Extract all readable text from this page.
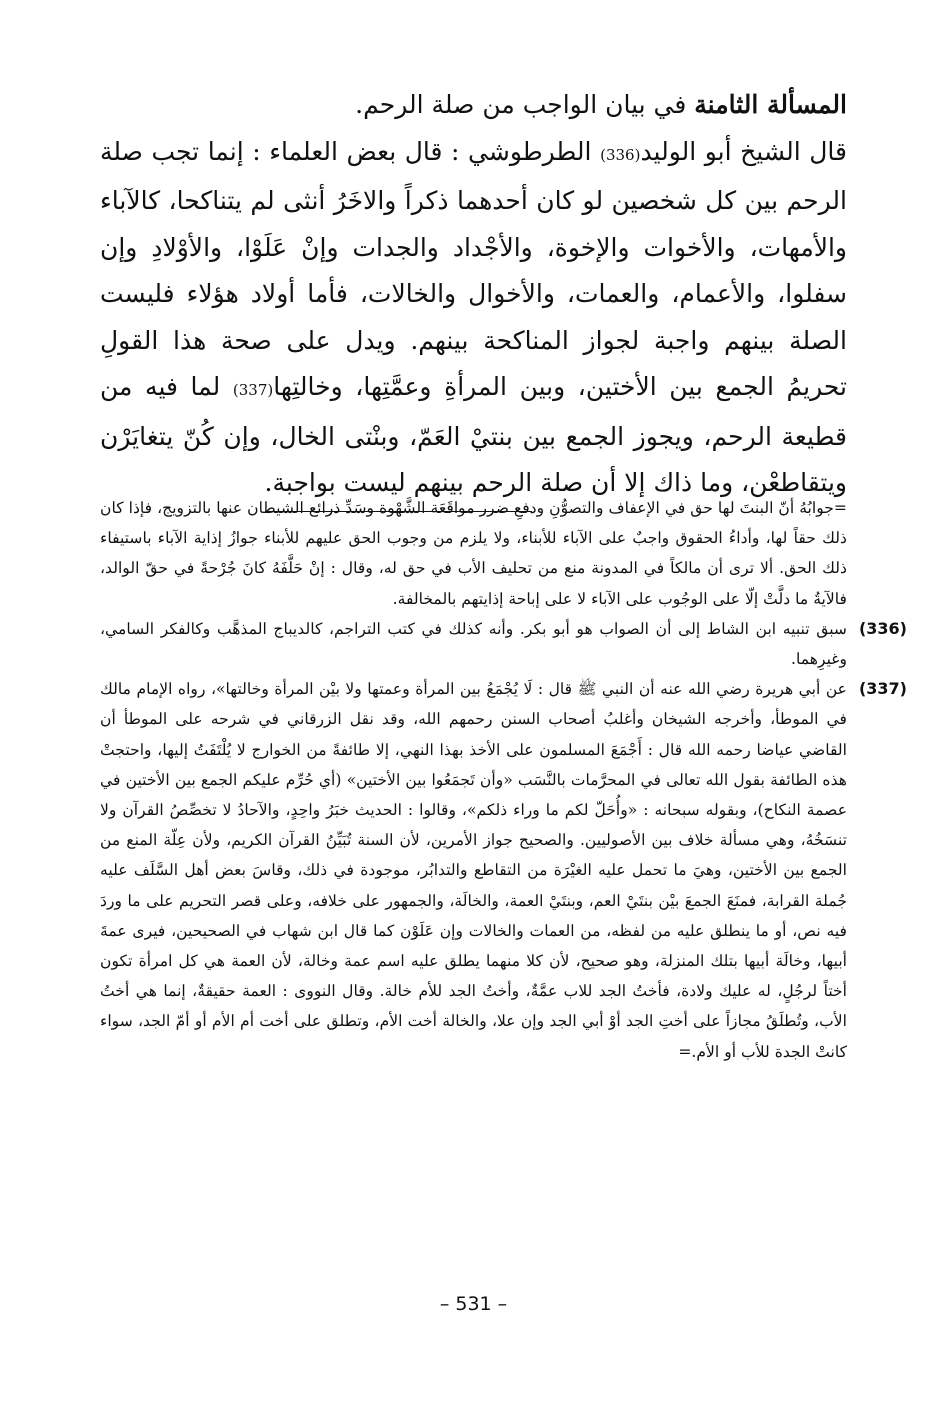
المسألة الثامنة في بيان الواجب من صلة الرحم.

قال الشيخ أبو الوليد(336) الطرطوشي : قال بعض العلماء : إنما تجب صلة الرحم بين كل شخصين لو كان أحدهما ذكراً والاخَرُ أنثى لم يتناكحا، كالآباء والأمهات، والأخوات والإخوة، والأجْداد والجدات وإنْ عَلَوْا، والأوْلادِ وإن سفلوا، والأعمام، والعمات، والأخوال والخالات، فأما أولاد هؤلاء فليست الصلة بينهم واجبة لجواز المناكحة بينهم. ويدل على صحة هذا القولِ تحريمُ الجمع بين الأختين، وبين المرأةِ وعمَّتِها، وخالتِها(337) لما فيه من قطيعة الرحم، ويجوز الجمع بين بنتيْ العَمّ، وبنْتى الخال، وإن كُنّ يتغايَرْن ويتقاطعْن، وما ذاك إلا أن صلة الرحم بينهم ليست بواجبة.

=جوابُهُ أنّ البنتَ لها حق في الإعفاف والتصوُّنِ ودفعِ ضرر مواقَعَة الشَّهْوة وسَدِّ ذرائع الشيطان عنها بالتزويج، فإذا كان ذلك حقاً لها، وأداءُ الحقوق واجبٌ على الآباء للأبناء، ولا يلزم من وجوب الحق عليهم للأبناء جوازُ إذاية الآباء باستيفاء ذلك الحق. ألا ترى أن مالكاً في المدونة منع من تحليف الأب في حق له، وقال : إنْ حَلَّفَهُ كانَ جُرْحةً في حقّ الوالد، فالآيةُ ما دلَّتْ إلّا على الوجُوب على الآباء لا على إباحة إذايتهم بالمخالفة.

(336)
سبق تنبيه ابن الشاط إلى أن الصواب هو أبو بكر. وأنه كذلك في كتب التراجم، كالديباج المذهَّب وكالفكر السامي، وغيرِهما.
(337)
عن أبي هريرة رضي الله عنه أن النبي ﷺ قال : لَا يُجْمَعُ بين المرأة وعمتها ولا بيْن المرأة وخالتها»، رواه الإمام مالك في الموطأ، وأخرجه الشيخان وأغلبُ أصحاب السنن رحمهم الله، وقد نقل الزرقاني في شرحه على الموطأ أن القاضي عياضا رحمه الله قال : أَجْمَعَ المسلمون على الأخذ بهذا النهي، إلا طائفةً من الخوارج لا يُلْتَفَتُ إليها، واحتجتْ هذه الطائفة بقول الله تعالى في المحرَّمات بالنَّسَب «وأن تَجمَعُوا بين الأختين» (أي حُرِّم عليكم الجمع بين الأختين في عصمة النكاح)، وبقوله سبحانه : «وأُحَلّ لكم ما وراء ذلكم»، وقالوا : الحديث خبَرُ واحِدٍ، والآحادُ لا تخصِّصُ القرآن ولا تنسَخُهُ، وهي مسألة خلاف بين الأصوليين. والصحيح جواز الأمرين، لأن السنة تُبَيِّنُ القرآن الكريم، ولأن عِلّة المنع من الجمع بين الأختين، وهيَ ما تحمل عليه الغيْرَة من التقاطع والتدابُر، موجودة في ذلك، وقاسَ بعض أهل السَّلَف عليه جُملة القرابة، فمنَعَ الجمعَ بيْن بنتَيْ العم، وبنتَيْ العمة، والخالَة، والجمهور على خلافه، وعلى قصر التحريم على ما وردَ فيه نص، أو ما ينطلق عليه من لفظه، من العمات والخالات وإن عَلَوْن كما قال ابن شهاب في الصحيحين، فيرى عمةَ أبيها، وخالَة أبيها بتلك المنزلة، وهو صحيح، لأن كلا منهما يطلق عليه اسم عمة وخالة، لأن العمة هي كل امرأة تكون أختاً لرجُلٍ، له عليك ولادة، فأختُ الجد للاب عمَّةٌ، وأختُ الجد للأم خالة. وقال النووى : العمة حقيقةٌ، إنما هي أختُ الأب، وتُطلَقُ مجازاً على أختِ الجد أوْ أبي الجد وإن علا، والخالة أخت الأم، وتطلق على أخت أم الأم أو أمّ الجد، سواء كانتْ الجدة للأب أو الأم.=
– 531 –
